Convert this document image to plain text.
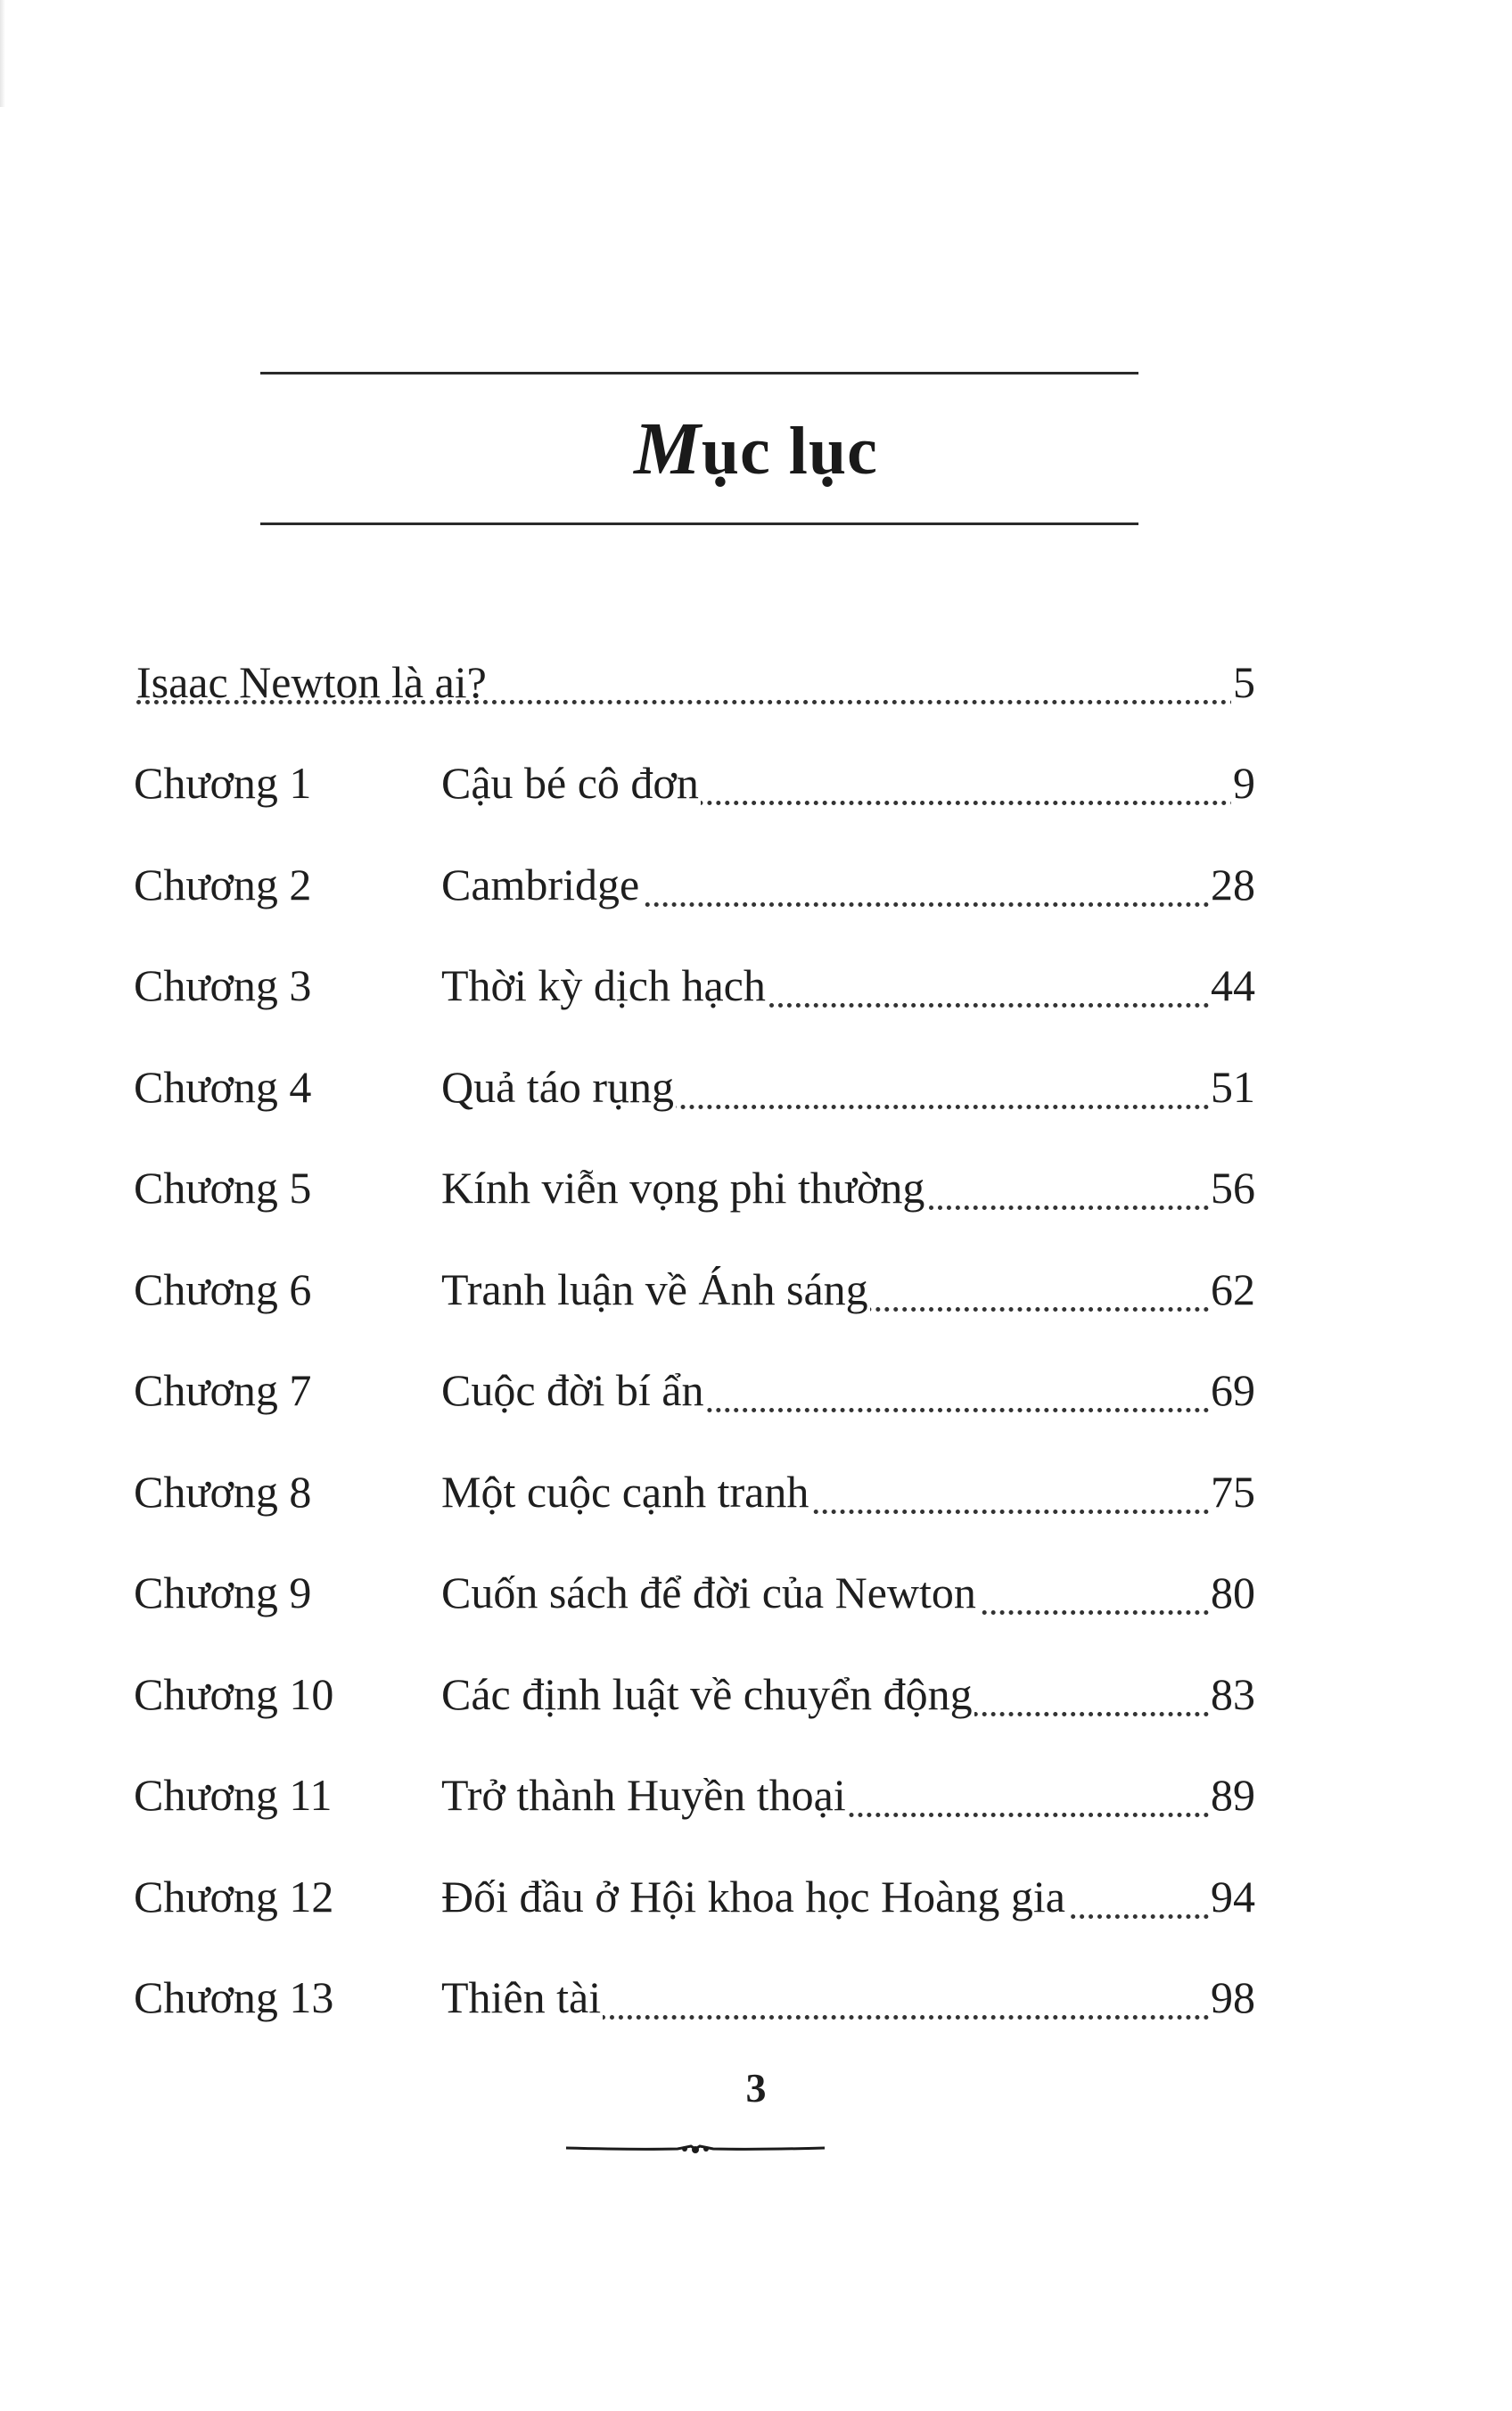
Mục lục
Isaac Newton là ai?	5
Chương 1	Cậu bé cô đơn	9
Chương 2	Cambridge	28
Chương 3	Thời kỳ dịch hạch	44
Chương 4	Quả táo rụng	51
Chương 5	Kính viễn vọng phi thường	56
Chương 6	Tranh luận về Ánh sáng	62
Chương 7	Cuộc đời bí ẩn	69
Chương 8	Một cuộc cạnh tranh	75
Chương 9	Cuốn sách để đời của Newton	80
Chương 10 Các định luật về chuyển động	83
Chương 11 Trở thành Huyền thoại	89
Chương 12 Đối đầu ở Hội khoa học Hoàng gia	94
Chương 13 Thiên tài	98
3
